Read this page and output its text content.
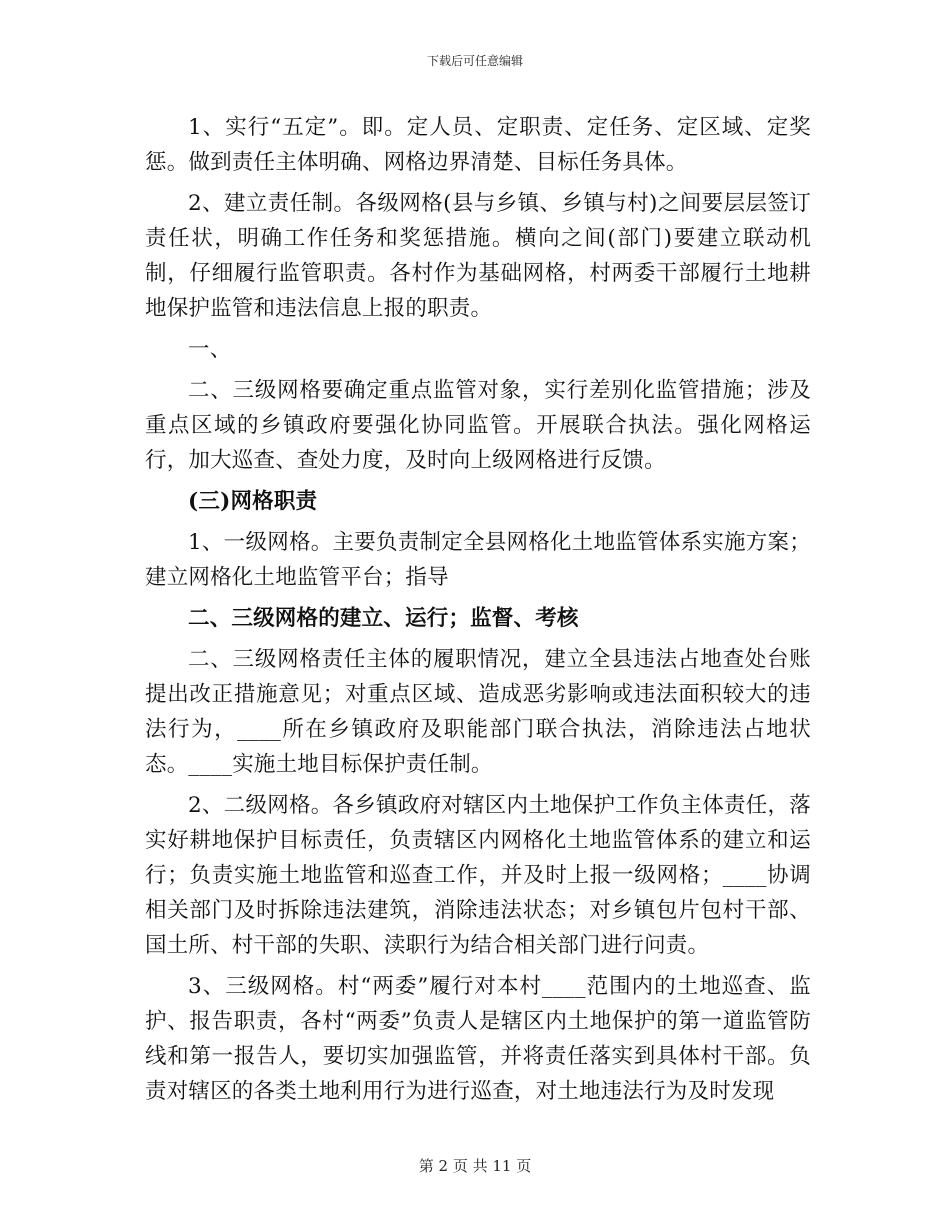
下载后可任意编辑

1、实行“五定”。即。定人员、定职责、定任务、定区域、定奖惩。做到责任主体明确、网格边界清楚、目标任务具体。

2、建立责任制。各级网格(县与乡镇、乡镇与村)之间要层层签订责任状，明确工作任务和奖惩措施。横向之间(部门)要建立联动机制，仔细履行监管职责。各村作为基础网格，村两委干部履行土地耕地保护监管和违法信息上报的职责。

一、

二、三级网格要确定重点监管对象，实行差别化监管措施；涉及重点区域的乡镇政府要强化协同监管。开展联合执法。强化网格运行，加大巡查、查处力度，及时向上级网格进行反馈。

(三)网格职责

1、一级网格。主要负责制定全县网格化土地监管体系实施方案；建立网格化土地监管平台；指导

二、三级网格的建立、运行；监督、考核

二、三级网格责任主体的履职情况，建立全县违法占地查处台账提出改正措施意见；对重点区域、造成恶劣影响或违法面积较大的违法行为，____所在乡镇政府及职能部门联合执法，消除违法占地状态。____实施土地目标保护责任制。

2、二级网格。各乡镇政府对辖区内土地保护工作负主体责任，落实好耕地保护目标责任，负责辖区内网格化土地监管体系的建立和运行；负责实施土地监管和巡查工作，并及时上报一级网格；____协调相关部门及时拆除违法建筑，消除违法状态；对乡镇包片包村干部、国土所、村干部的失职、渎职行为结合相关部门进行问责。

3、三级网格。村“两委”履行对本村____范围内的土地巡查、监护、报告职责，各村“两委”负责人是辖区内土地保护的第一道监管防线和第一报告人，要切实加强监管，并将责任落实到具体村干部。负责对辖区的各类土地利用行为进行巡查，对土地违法行为及时发现

第 2 页 共 11 页
